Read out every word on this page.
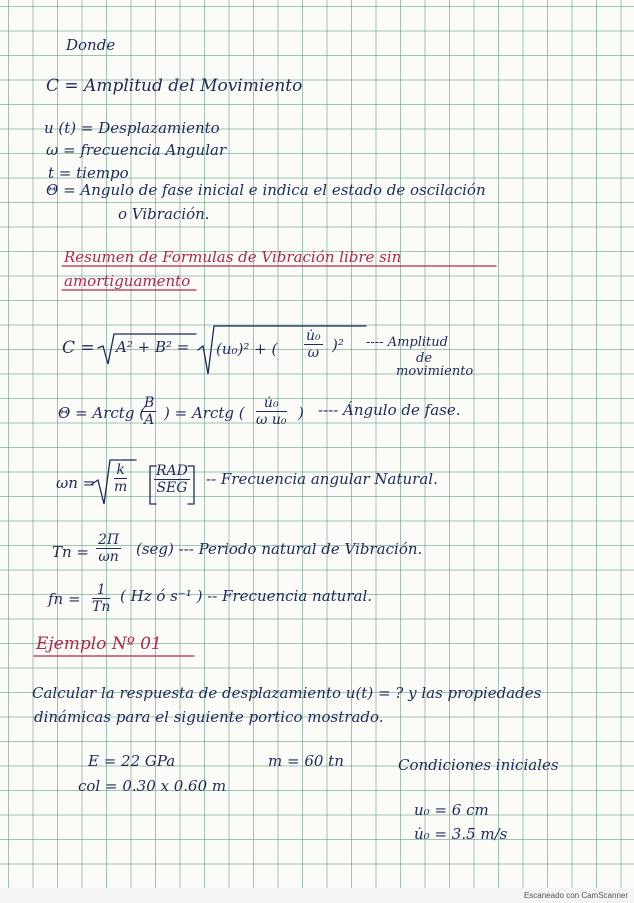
Donde
C = Amplitud del Movimiento
u (t) = Desplazamiento
ω = frecuencia Angular
t = tiempo
Θ = Angulo de fase inicial e indica el estado de oscilación
o Vibración.
Resumen de Formulas de Vibración libre sin
amortiguamento
C = A² + B² = (u₀)² + ( $\frac{\text{u̇₀}}{\omega} )^2$ ---- Amplitud
de
movimiento
Θ = Arctg (
$\frac{B}{A}$ ) = Arctg ( $\frac{\text{u̇₀}}{\text{ω u₀}}$ ) ---- Ángulo de fase.
$\omega n = \frac{k}{m}$ RAD
SEG -- Frecuencia angular Natural.
$Tn = \frac{2\Pi}{\omega n} (seg)$ --- Periodo natural de Vibración.
fn = $\frac{1}{Tn}$ ( Hz ó s⁻¹ ) -- Frecuencia natural.
Ejemplo Nº 01
Calcular la respuesta de desplazamiento u(t) = ? y las propiedades
dinámicas para el siguiente portico mostrado.
E = 22 GPa	m = 60 tn
col = 0.30 x 0.60 m
Condiciones iniciales
u₀ = 6 cm
u̇₀ = 3.5 m/s
Escaneado con CamScanner
